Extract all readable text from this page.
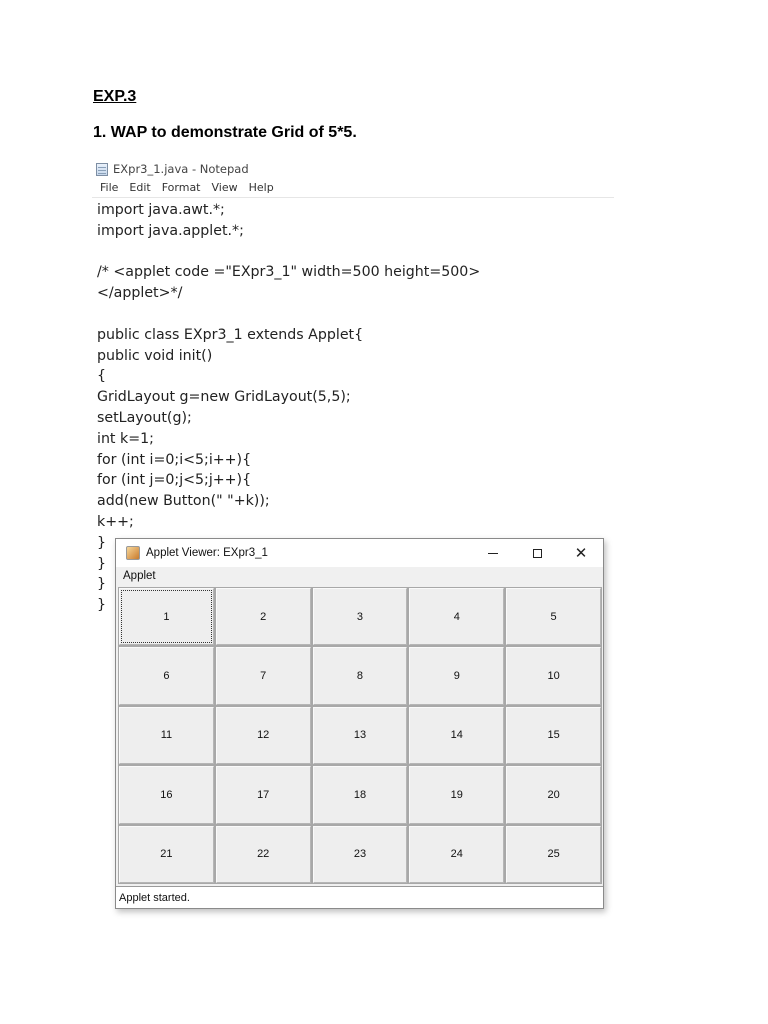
EXP.3
1. WAP to demonstrate Grid of 5*5.
EXpr3_1.java - Notepad
File Edit Format View Help
import java.awt.*;
import java.applet.*;
/* <applet code ="EXpr3_1" width=500 height=500>
</applet>*/
public class EXpr3_1 extends Applet{
public void init()
{
GridLayout g=new GridLayout(5,5);
setLayout(g);
int k=1;
for (int i=0;i<5;i++){
for (int j=0;j<5;j++){
add(new Button(" "+k));
k++;
}
}
}
}
Applet Viewer: EXpr3_1	✕
Applet
1	2	3	4	5
6	7	8	9	10
11	12	13	14	15
16	17	18	19	20
21	22	23	24	25
Applet started.
